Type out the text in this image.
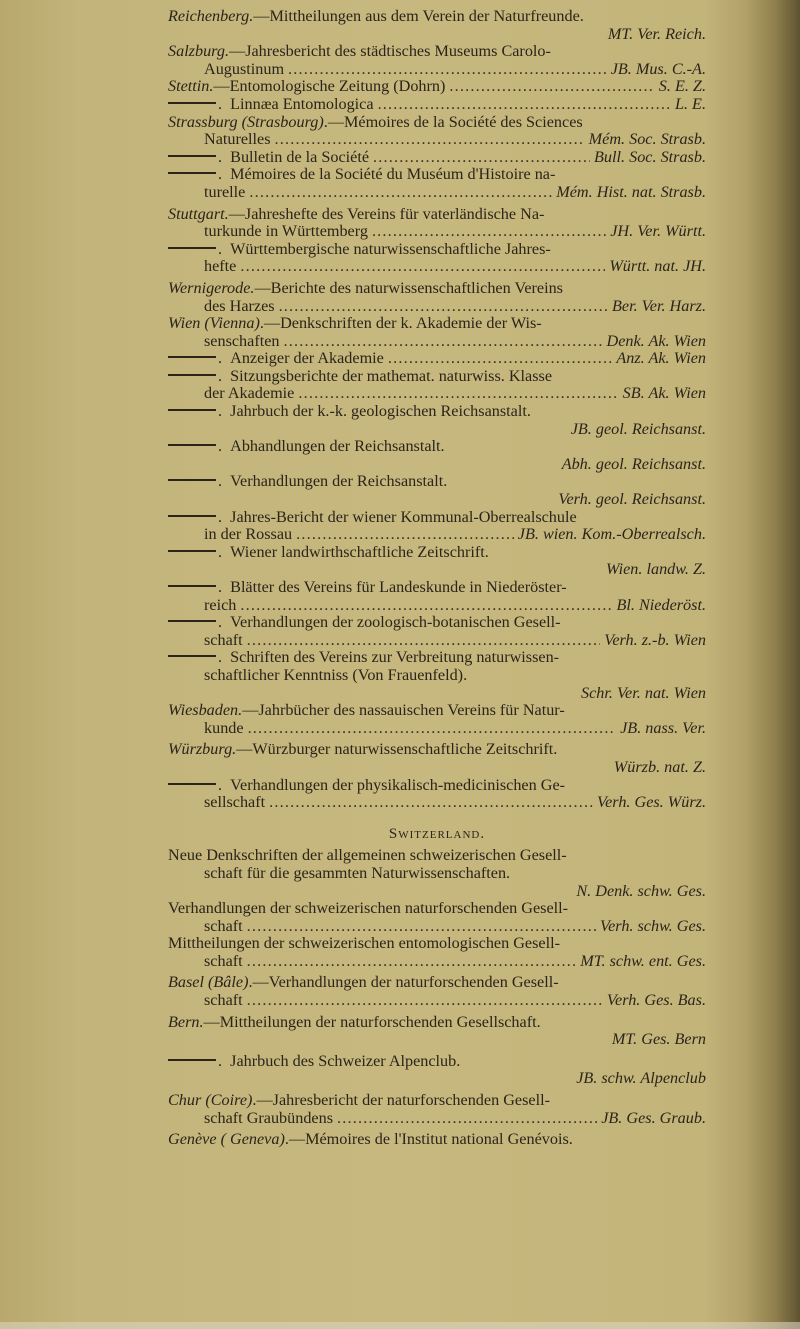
Reichenberg.—Mittheilungen aus dem Verein der Naturfreunde.
MT. Ver. Reich.
Salzburg.—Jahresbericht des städtisches Museums Carolo-
Augustinum .....	JB. Mus. C.-A.
Stettin. —Entomologische Zeitung (Dohrn) .....	S. E. Z.
. Linnæa Entomologica .....	L. E.
Strassburg
(Strasbourg) .—Mémoires de la Société des Sciences
Naturelles .....	Mém. Soc. Strasb.
. Bulletin de la Société .....	Bull. Soc. Strasb.
.  Mémoires de la Société du Muséum d'Histoire na-
turelle .....	Mém. Hist. nat. Strasb.
Stuttgart. —Jahreshefte des Vereins für vaterländische Na-
turkunde in Württemberg .....	JH. Ver. Württ.
. Württembergische naturwissenschaftliche Jahres-
hefte .....	Württ. nat. JH.
Wernigerode. —Berichte des naturwissenschaftlichen Vereins
des Harzes .....	Ber. Ver. Harz.
Wien
(Vienna) .—Denkschriften der k. Akademie der Wis-
senschaften .....	Denk. Ak. Wien
. Anzeiger der Akademie .....	Anz. Ak. Wien
. Sitzungsberichte der mathemat. naturwiss. Klasse
der Akademie .....	SB. Ak. Wien
. Jahrbuch der k.-k. geologischen Reichsanstalt.
JB. geol. Reichsanst.
. Abhandlungen der Reichsanstalt.
Abh. geol. Reichsanst.
. Verhandlungen der Reichsanstalt.
Verh. geol. Reichsanst.
. Jahres-Bericht der wiener Kommunal-Oberrealschule
in der Rossau .....	JB. wien. Kom.-Oberrealsch.
. Wiener landwirthschaftliche Zeitschrift.
Wien. landw. Z.
. Blätter des Vereins für Landeskunde in Niederöster-
reich .....	Bl. Niederöst.
. Verhandlungen der zoologisch-botanischen Gesell-
schaft .....	Verh. z.-b. Wien
. Schriften des Vereins zur Verbreitung naturwissen-
schaftlicher Kenntniss (Von Frauenfeld).
Schr. Ver. nat. Wien
Wiesbaden. —Jahrbücher des nassauischen Vereins für Natur-
kunde .....	JB. nass. Ver.
Würzburg. —Würzburger naturwissenschaftliche Zeitschrift.
Würzb. nat. Z.
. Verhandlungen der physikalisch-medicinischen Ge-
sellschaft .....	Verh. Ges. Würz.
Switzerland.
Neue Denkschriften der allgemeinen schweizerischen Gesell-
schaft für die gesammten Naturwissenschaften.
N. Denk. schw. Ges.
Verhandlungen der schweizerischen naturforschenden Gesell-
schaft .....	Verh. schw. Ges.
Mittheilungen der schweizerischen entomologischen Gesell-
schaft .....	MT. schw. ent. Ges.
Basel
(Bâle) .—Verhandlungen der naturforschenden Gesell-
schaft .....	Verh. Ges. Bas.
Bern. —Mittheilungen der naturforschenden Gesellschaft.
MT. Ges. Bern
. Jahrbuch des Schweizer Alpenclub.
JB. schw. Alpenclub
Chur
(Coire) .—Jahresbericht der naturforschenden Gesell-
schaft Graubündens .....	JB. Ges. Graub.
Genève
( Geneva) .—Mémoires de l'Institut national Genévois.
